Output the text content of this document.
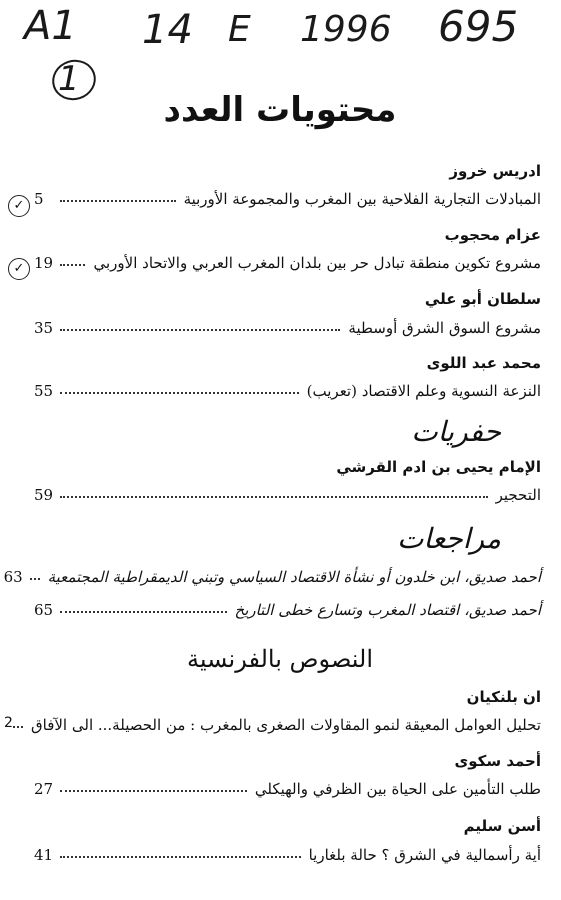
A1 14 E 1996 695
1
محتويات العدد
ادريس خروز
المبادلات التجارية الفلاحية بين المغرب والمجموعة الأوربية
5
✓
عزام محجوب
مشروع تكوين منطقة تبادل حر بين بلدان المغرب العربي والاتحاد الأوربي
19
✓
سلطان أبو علي
مشروع السوق الشرق أوسطية
35
محمد عبد اللوى
النزعة النسوية وعلم الاقتصاد (تعريب)
55
حفريات
الإمام يحيى بن ادم القرشي
التحجير
59
مراجعات
أحمد صديق، ابن خلدون أو نشأة الاقتصاد السياسي وتبني الديمقراطية المجتمعية
63
أحمد صديق، اقتصاد المغرب وتسارع خطى التاريخ
65
النصوص بالفرنسية
ان بلنكيان
تحليل العوامل المعيقة لنمو المقاولات الصغرى بالمغرب : من الحصيلة... الى الآفاق
2
أحمد سكوى
طلب التأمين على الحياة بين الظرفي والهيكلي
27
أسن سليم
أية رأسمالية في الشرق ؟ حالة بلغاريا
41
